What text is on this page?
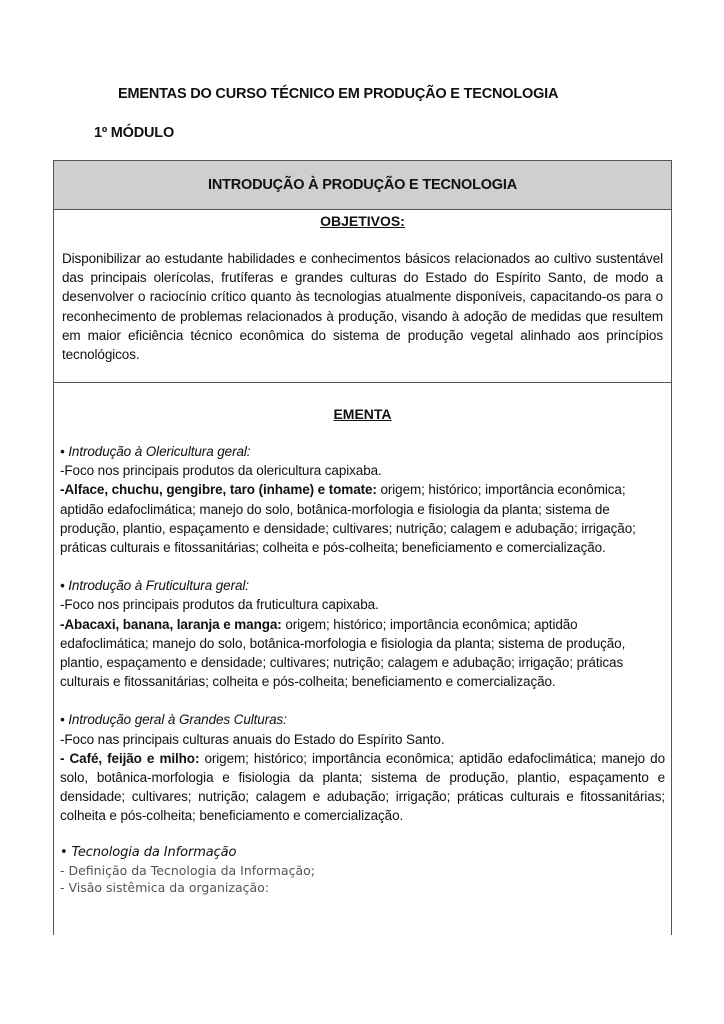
EMENTAS DO CURSO TÉCNICO EM PRODUÇÃO E TECNOLOGIA
1º MÓDULO
INTRODUÇÃO À PRODUÇÃO E TECNOLOGIA
OBJETIVOS:
Disponibilizar ao estudante habilidades e conhecimentos básicos relacionados ao cultivo sustentável das principais olerícolas, frutíferas e grandes culturas do Estado do Espírito Santo, de modo a desenvolver o raciocínio crítico quanto às tecnologias atualmente disponíveis, capacitando-os para o reconhecimento de problemas relacionados à produção, visando à adoção de medidas que resultem em maior eficiência técnico econômica do sistema de produção vegetal alinhado aos princípios tecnológicos.
EMENTA
• Introdução à Olericultura geral:
-Foco nos principais produtos da olericultura capixaba.
-Alface, chuchu, gengibre, taro (inhame) e tomate: origem; histórico; importância econômica; aptidão edafoclimática; manejo do solo, botânica-morfologia e fisiologia da planta; sistema de produção, plantio, espaçamento e densidade; cultivares; nutrição; calagem e adubação; irrigação; práticas culturais e fitossanitárias; colheita e pós-colheita; beneficiamento e comercialização.
• Introdução à Fruticultura geral:
-Foco nos principais produtos da fruticultura capixaba.
-Abacaxi, banana, laranja e manga: origem; histórico; importância econômica; aptidão edafoclimática; manejo do solo, botânica-morfologia e fisiologia da planta; sistema de produção, plantio, espaçamento e densidade; cultivares; nutrição; calagem e adubação; irrigação; práticas culturais e fitossanitárias; colheita e pós-colheita; beneficiamento e comercialização.
• Introdução geral à Grandes Culturas:
-Foco nas principais culturas anuais do Estado do Espírito Santo.
- Café, feijão e milho: origem; histórico; importância econômica; aptidão edafoclimática; manejo do solo, botânica-morfologia e fisiologia da planta; sistema de produção, plantio, espaçamento e densidade; cultivares; nutrição; calagem e adubação; irrigação; práticas culturais e fitossanitárias; colheita e pós-colheita; beneficiamento e comercialização.
• Tecnologia da Informação
- Definição da Tecnologia da Informação;
- Visão sistêmica da organização:
